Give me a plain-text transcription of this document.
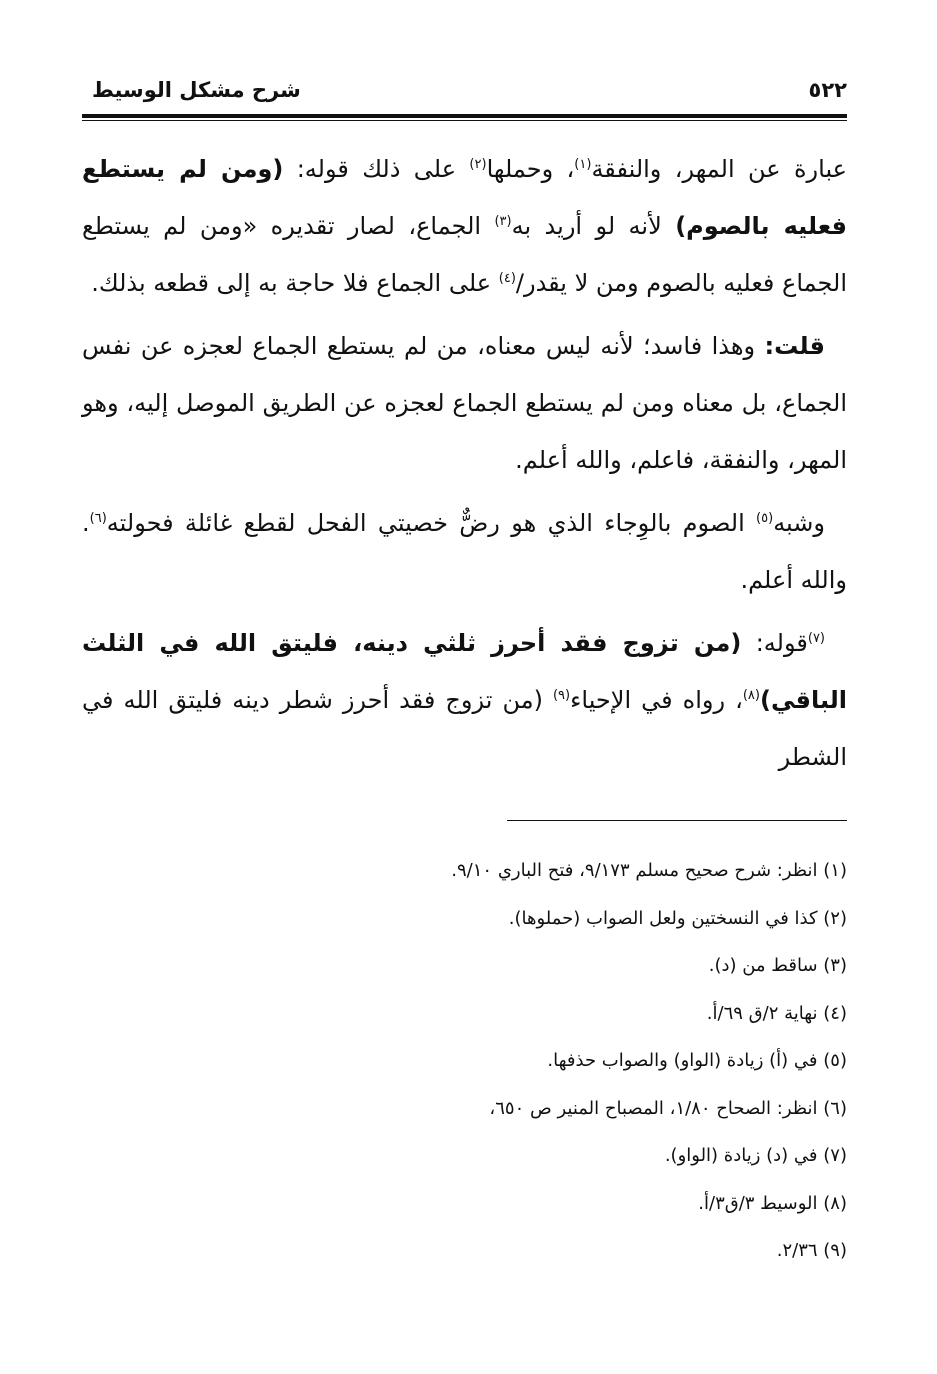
٥٢٢
شرح مشكل الوسيط

عبارة عن المهر، والنفقة$^{(١)}$، وحملها$^{(٢)}$ على ذلك قوله: (ومن لم يستطع فعليه بالصوم) لأنه لو أريد به$^{(٣)}$ الجماع، لصار تقديره «ومن لم يستطع الجماع فعليه بالصوم ومن لا يقدر/$^{(٤)}$ على الجماع فلا حاجة به إلى قطعه بذلك.

قلت: وهذا فاسد؛ لأنه ليس معناه، من لم يستطع الجماع لعجزه عن نفس الجماع، بل معناه ومن لم يستطع الجماع لعجزه عن الطريق الموصل إليه، وهو المهر، والنفقة، فاعلم، والله أعلم.

وشبه$^{(٥)}$ الصوم بالوِجاء الذي هو رضٌّ خصيتي الفحل لقطع غائلة فحولته$^{(٦)}$. والله أعلم.

$^{(٧)}$قوله: (من تزوج فقد أحرز ثلثي دينه، فليتق الله في الثلث الباقي)$^{(٨)}$، رواه في الإحياء$^{(٩)}$ (من تزوج فقد أحرز شطر دينه فليتق الله في الشطر

(١) انظر: شرح صحيح مسلم ٩/١٧٣، فتح الباري ٩/١٠.

(٢) كذا في النسختين ولعل الصواب (حملوها).

(٣) ساقط من (د).

(٤) نهاية ٢/ق ٦٩/أ.

(٥) في (أ) زيادة (الواو) والصواب حذفها.

(٦) انظر: الصحاح ١/٨٠، المصباح المنير ص ٦٥٠،

(٧) في (د) زيادة (الواو).

(٨) الوسيط ٣/ق٣/أ.

(٩) ٢/٣٦.
